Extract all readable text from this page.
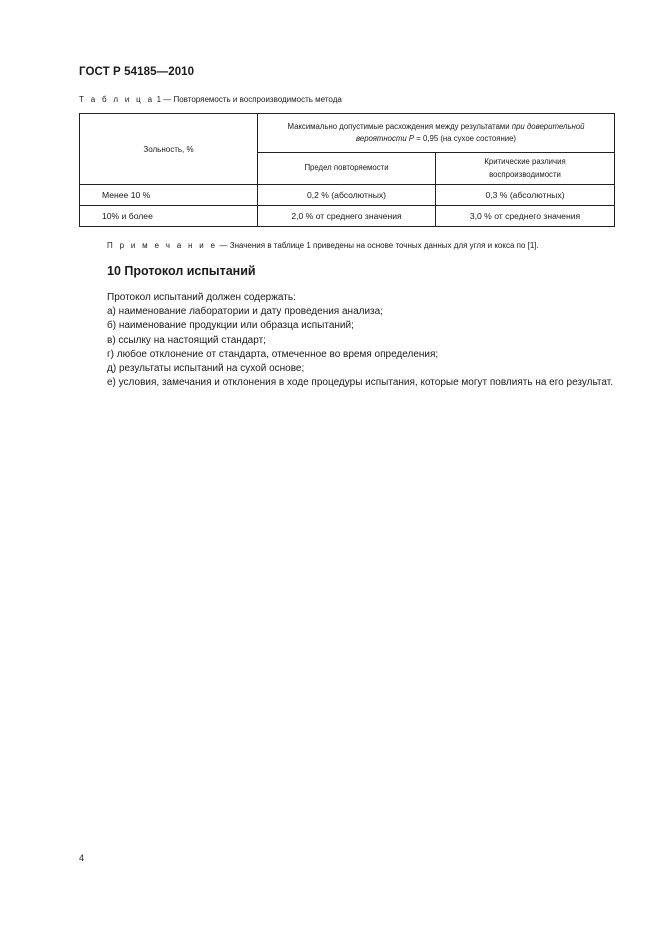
ГОСТ Р 54185—2010
Т а б л и ц а 1 — Повторяемость и воспроизводимость метода
Зольность, %	Максимально допустимые расхождения между результатами при доверительной
вероятности P = 0,95 (на сухое состояние)	
	Предел повторяемости	Критические различия
воспроизводимости
Менее 10 %	0,2 % (абсолютных)	0,3 % (абсолютных)
10% и более	2,0 % от среднего значения	3,0 % от среднего значения
П р и м е ч а н и е — Значения в таблице 1 приведены на основе точных данных для угля и кокса по [1].
10 Протокол испытаний

Протокол испытаний должен содержать:

а) наименование лаборатории и дату проведения анализа;

б) наименование продукции или образца испытаний;

в) ссылку на настоящий стандарт;

г) любое отклонение от стандарта, отмеченное во время определения;

д) результаты испытаний на сухой основе;

е) условия, замечания и отклонения в ходе процедуры испытания, которые могут повлиять на его результат.

4
